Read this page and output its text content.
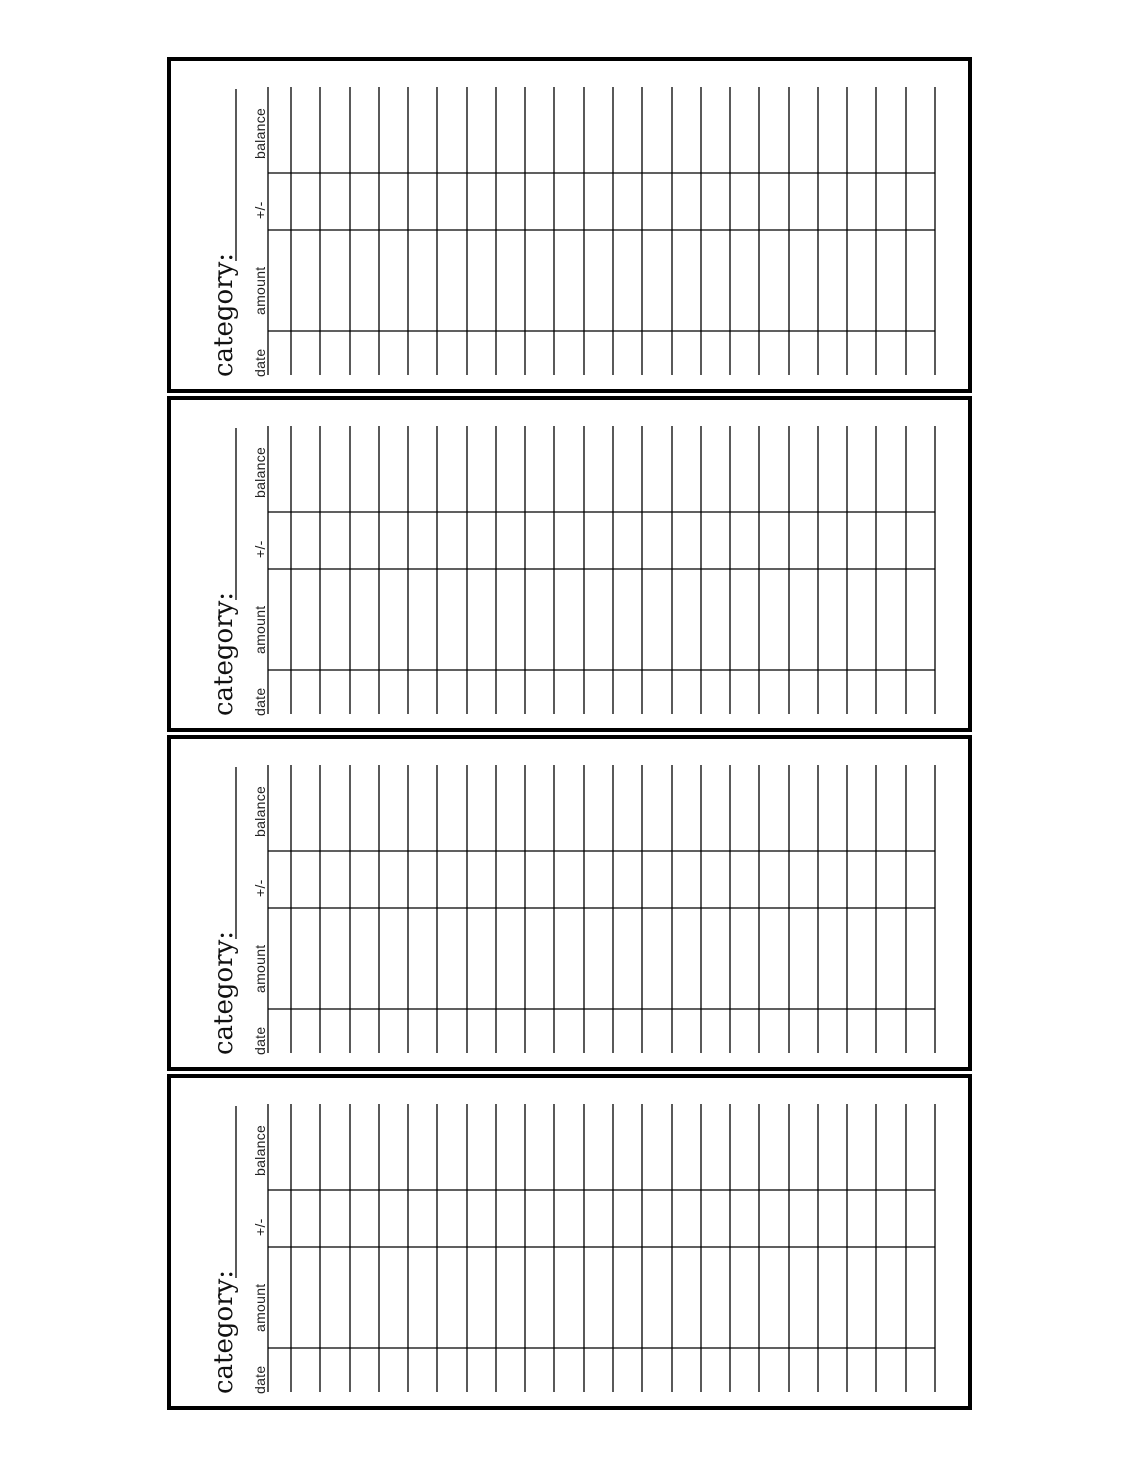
category: date
amount
+/-
balance
category: date
amount
+/-
balance
category: date
amount
+/-
balance
category: date
amount
+/-
balance
